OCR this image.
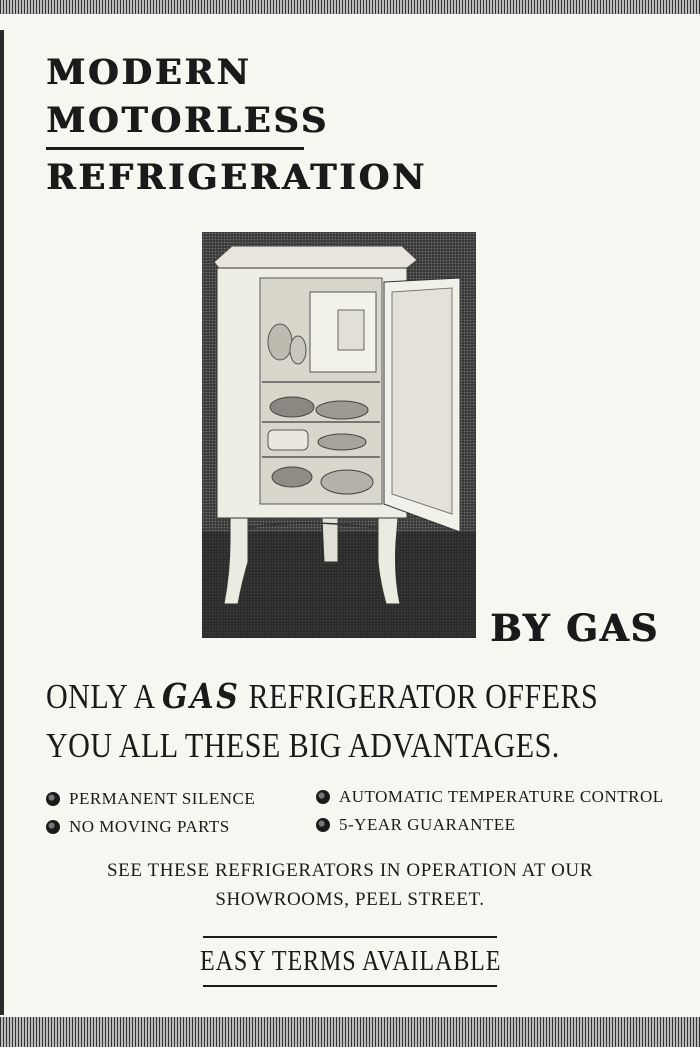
MODERN
MOTORLESS
REFRIGERATION
BY GAS

ONLY A GAS REFRIGERATOR OFFERS

YOU ALL THESE BIG ADVANTAGES.

PERMANENT SILENCE	AUTOMATIC TEMPERATURE CONTROL
NO MOVING PARTS	5-YEAR GUARANTEE

SEE THESE REFRIGERATORS IN OPERATION AT OUR

SHOWROOMS, PEEL STREET.

EASY TERMS AVAILABLE
